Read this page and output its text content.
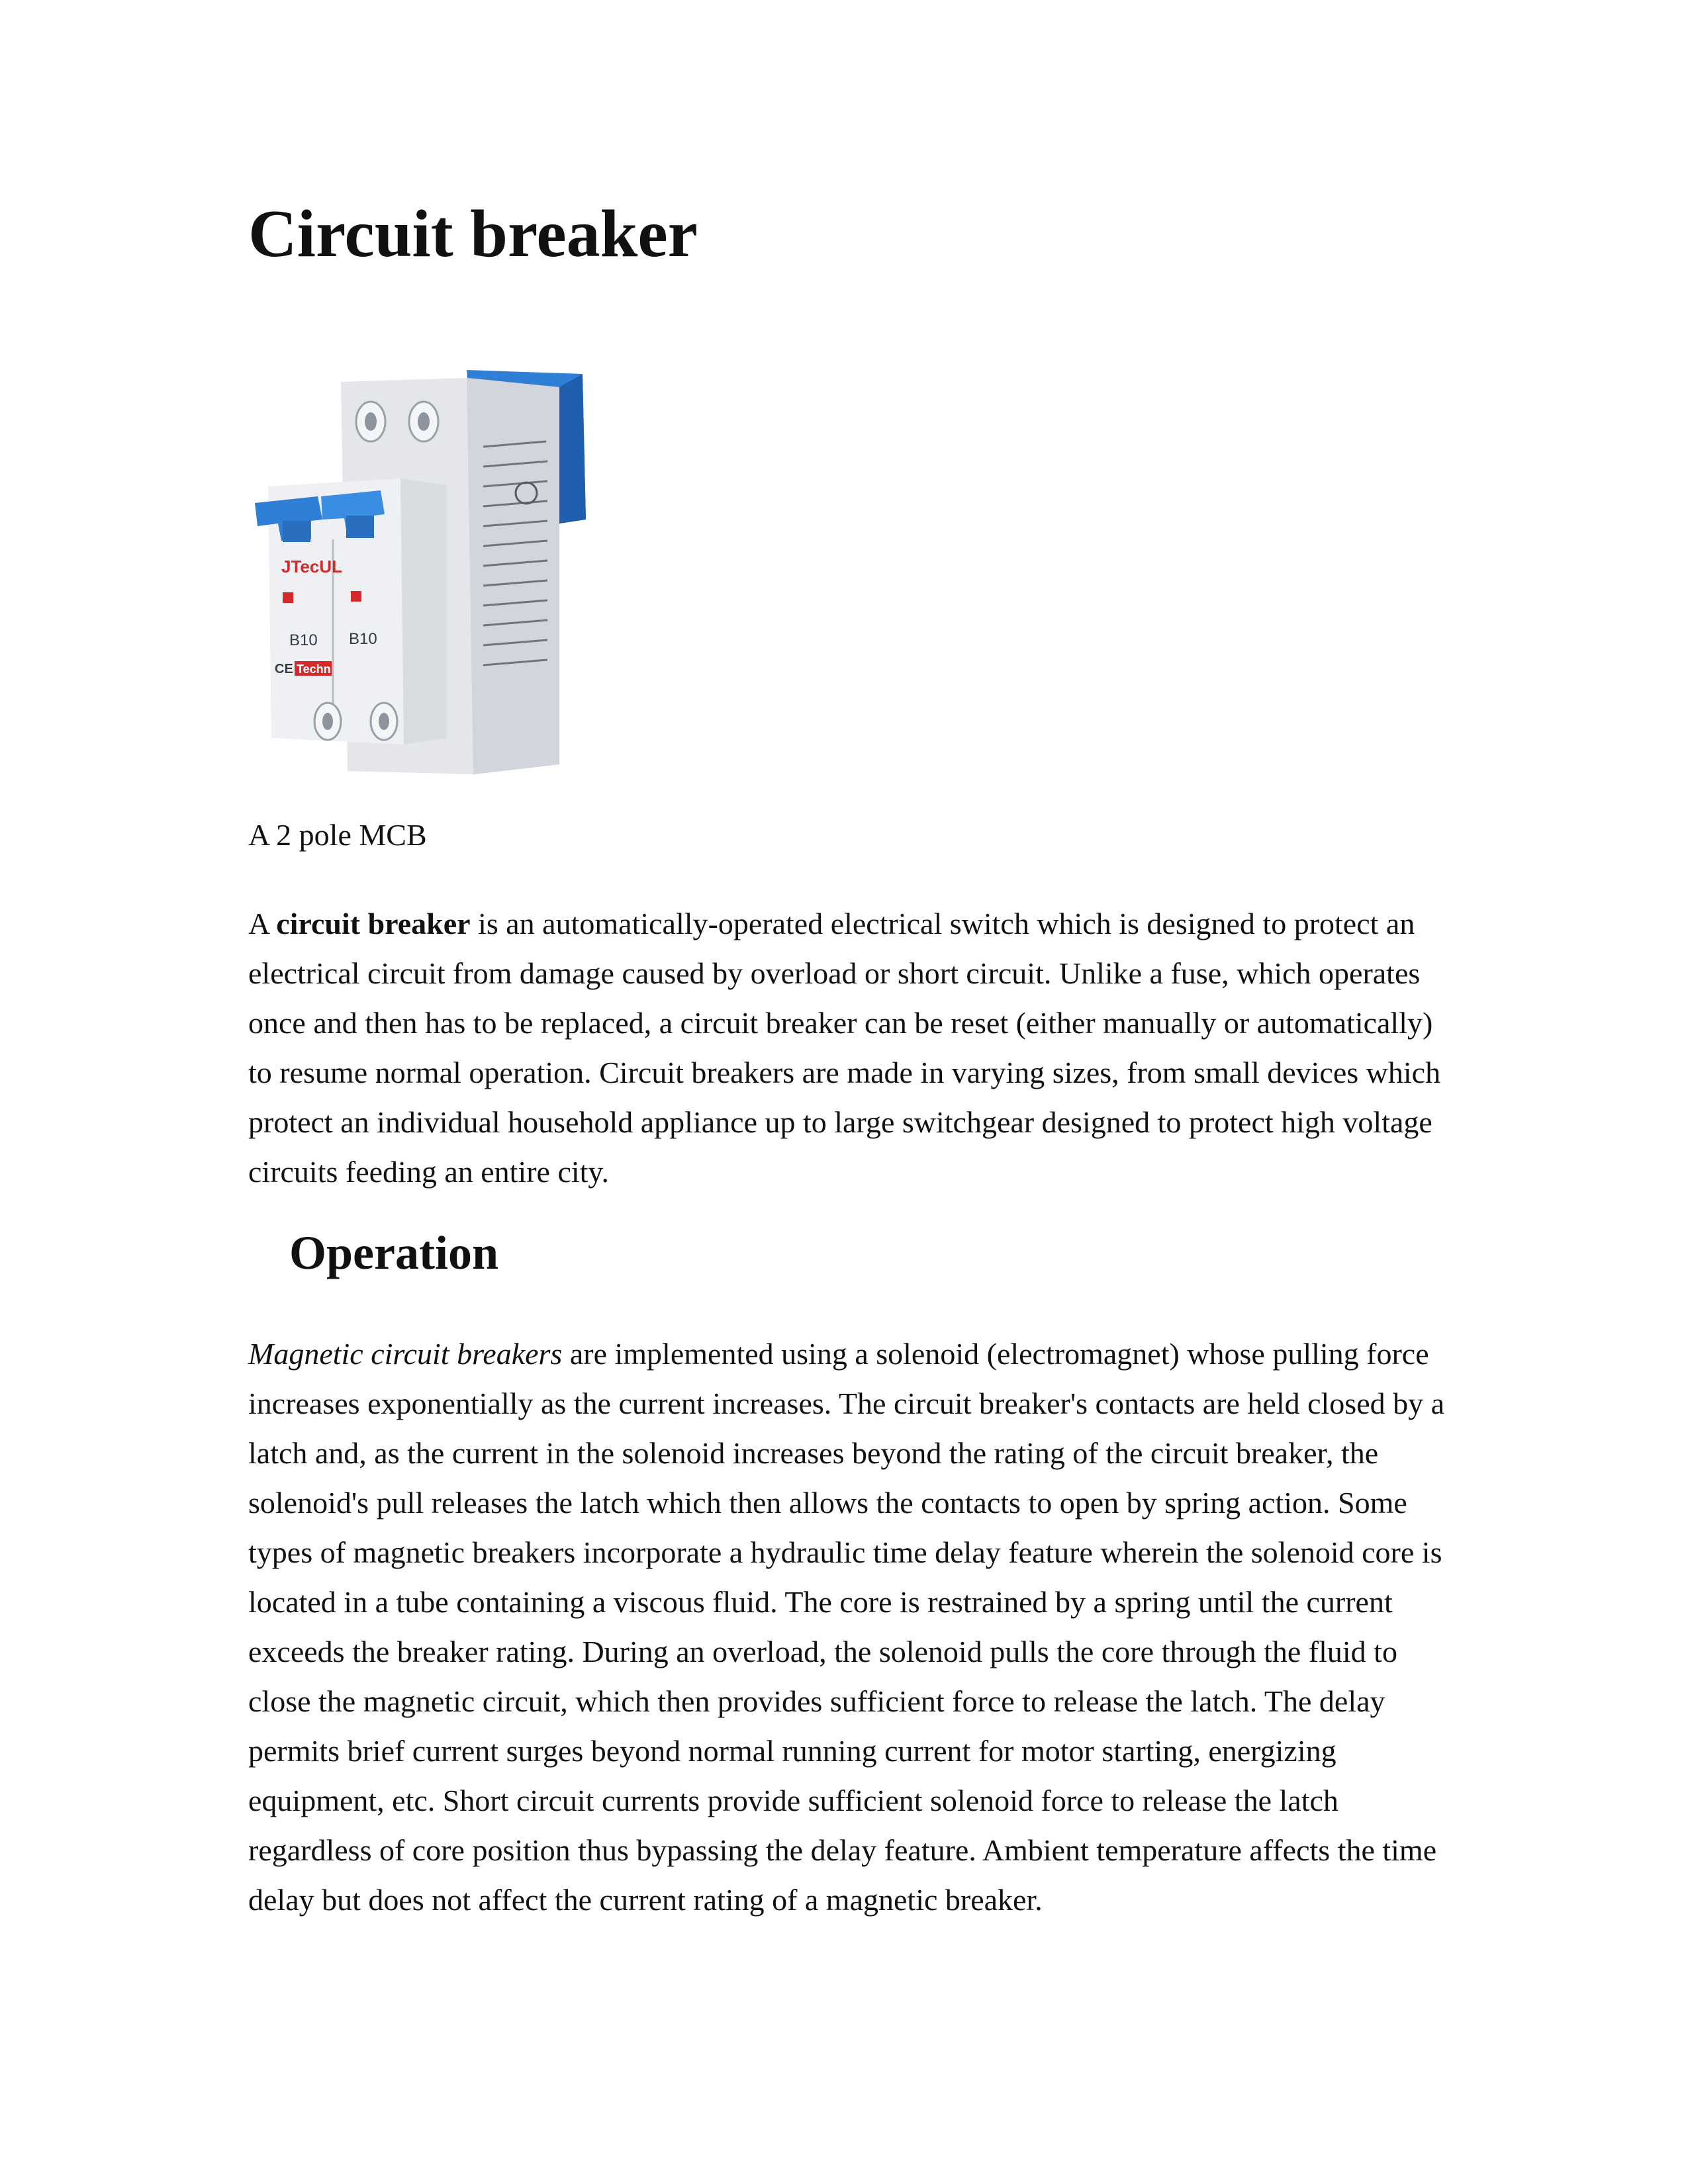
Circuit breaker
JTecUL
B10 B10
CE Techn
A 2 pole MCB

A circuit breaker is an automatically-operated electrical switch which is designed to protect an electrical circuit from damage caused by overload or short circuit. Unlike a fuse, which operates once and then has to be replaced, a circuit breaker can be reset (either manually or automatically) to resume normal operation. Circuit breakers are made in varying sizes, from small devices which protect an individual household appliance up to large switchgear designed to protect high voltage circuits feeding an entire city.

Operation

Magnetic circuit breakers are implemented using a solenoid (electromagnet) whose pulling force increases exponentially as the current increases. The circuit breaker's contacts are held closed by a latch and, as the current in the solenoid increases beyond the rating of the circuit breaker, the solenoid's pull releases the latch which then allows the contacts to open by spring action. Some types of magnetic breakers incorporate a hydraulic time delay feature wherein the solenoid core is located in a tube containing a viscous fluid. The core is restrained by a spring until the current exceeds the breaker rating. During an overload, the solenoid pulls the core through the fluid to close the magnetic circuit, which then provides sufficient force to release the latch. The delay permits brief current surges beyond normal running current for motor starting, energizing equipment, etc. Short circuit currents provide sufficient solenoid force to release the latch regardless of core position thus bypassing the delay feature. Ambient temperature affects the time delay but does not affect the current rating of a magnetic breaker.
